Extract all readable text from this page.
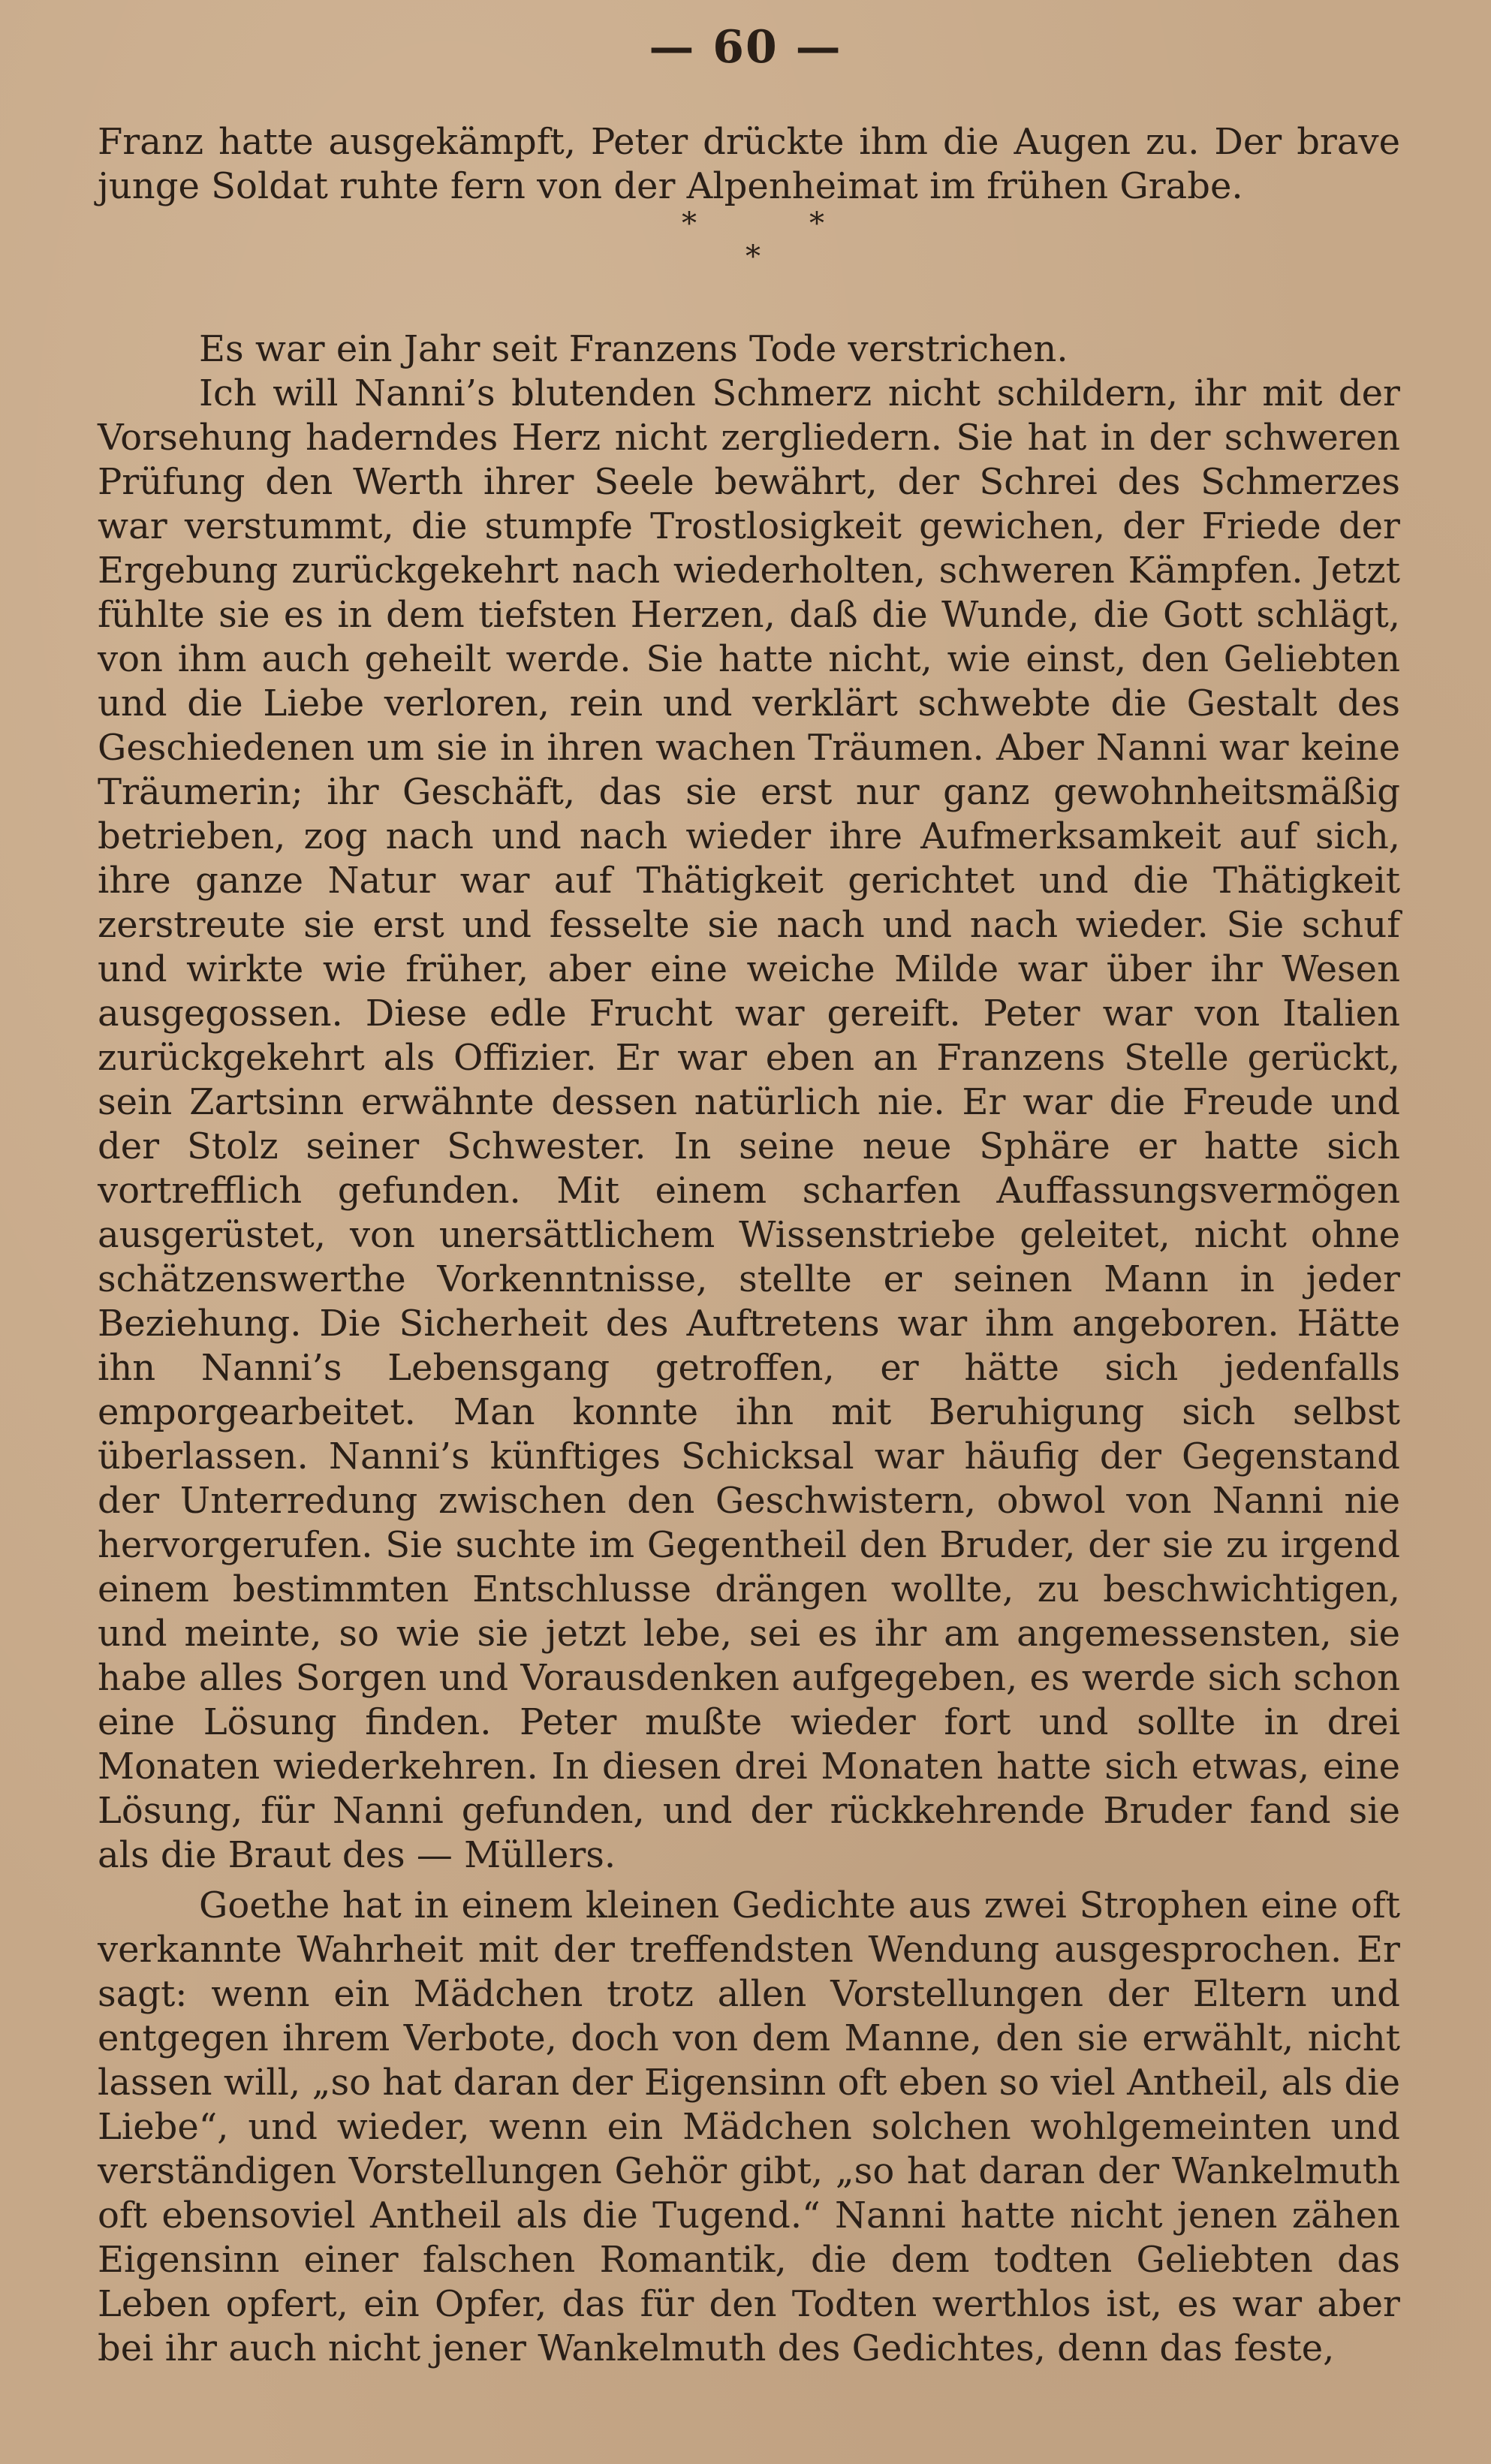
— 60 —

Franz hatte ausgekämpft, Peter drückte ihm die Augen zu. Der brave junge Soldat ruhte fern von der Alpenheimat im frühen Grabe.

*	*
*

Es war ein Jahr seit Franzens Tode verstrichen.

Ich will Nanni’s blutenden Schmerz nicht schildern, ihr mit der Vorsehung haderndes Herz nicht zergliedern. Sie hat in der schweren Prüfung den Werth ihrer Seele bewährt, der Schrei des Schmerzes war verstummt, die stumpfe Trostlosigkeit gewichen, der Friede der Ergebung zurückgekehrt nach wiederholten, schweren Kämpfen. Jetzt fühlte sie es in dem tiefsten Herzen, daß die Wunde, die Gott schlägt, von ihm auch geheilt werde. Sie hatte nicht, wie einst, den Geliebten und die Liebe verloren, rein und verklärt schwebte die Gestalt des Geschiedenen um sie in ihren wachen Träumen. Aber Nanni war keine Träumerin; ihr Geschäft, das sie erst nur ganz gewohnheitsmäßig betrieben, zog nach und nach wieder ihre Aufmerksamkeit auf sich, ihre ganze Natur war auf Thätigkeit gerichtet und die Thätigkeit zerstreute sie erst und fesselte sie nach und nach wieder. Sie schuf und wirkte wie früher, aber eine weiche Milde war über ihr Wesen ausgegossen. Diese edle Frucht war gereift. Peter war von Italien zurückgekehrt als Offizier. Er war eben an Franzens Stelle gerückt, sein Zartsinn erwähnte dessen natürlich nie. Er war die Freude und der Stolz seiner Schwester. In seine neue Sphäre er hatte sich vortrefflich gefunden. Mit einem scharfen Auffassungsvermögen ausgerüstet, von unersättlichem Wissenstriebe geleitet, nicht ohne schätzenswerthe Vorkenntnisse, stellte er seinen Mann in jeder Beziehung. Die Sicherheit des Auftretens war ihm angeboren. Hätte ihn Nanni’s Lebensgang getroffen, er hätte sich jedenfalls emporgearbeitet. Man konnte ihn mit Beruhigung sich selbst überlassen. Nanni’s künftiges Schicksal war häufig der Gegenstand der Unterredung zwischen den Geschwistern, obwol von Nanni nie hervorgerufen. Sie suchte im Gegentheil den Bruder, der sie zu irgend einem bestimmten Entschlusse drängen wollte, zu beschwichtigen, und meinte, so wie sie jetzt lebe, sei es ihr am angemessensten, sie habe alles Sorgen und Vorausdenken aufgegeben, es werde sich schon eine Lösung finden. Peter mußte wieder fort und sollte in drei Monaten wiederkehren. In diesen drei Monaten hatte sich etwas, eine Lösung, für Nanni gefunden, und der rückkehrende Bruder fand sie als die Braut des — Müllers.

Goethe hat in einem kleinen Gedichte aus zwei Strophen eine oft verkannte Wahrheit mit der treffendsten Wendung ausgesprochen. Er sagt: wenn ein Mädchen trotz allen Vorstellungen der Eltern und entgegen ihrem Verbote, doch von dem Manne, den sie erwählt, nicht lassen will, „so hat daran der Eigensinn oft eben so viel Antheil, als die Liebe“, und wieder, wenn ein Mädchen solchen wohlgemeinten und verständigen Vorstellungen Gehör gibt, „so hat daran der Wankelmuth oft ebensoviel Antheil als die Tugend.“ Nanni hatte nicht jenen zähen Eigensinn einer falschen Romantik, die dem todten Geliebten das Leben opfert, ein Opfer, das für den Todten werthlos ist, es war aber bei ihr auch nicht jener Wankelmuth des Gedichtes, denn das feste,
